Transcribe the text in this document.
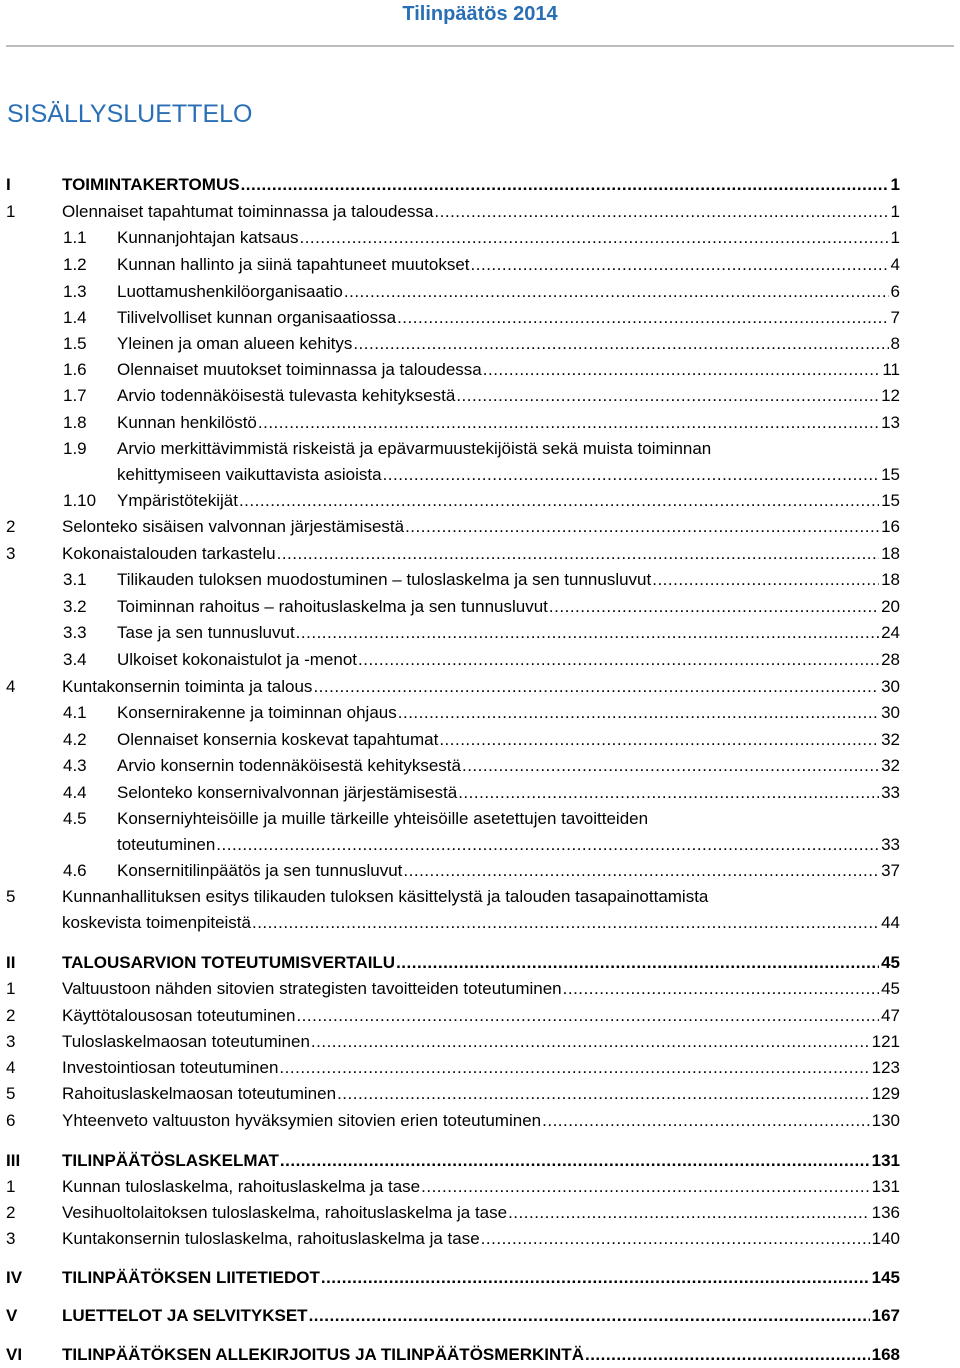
Tilinpäätös 2014
SISÄLLYSLUETTELO
I	TOIMINTAKERTOMUS .....	1
1	Olennaiset tapahtumat toiminnassa ja taloudessa .....	1
1.1 Kunnanjohtajan katsaus .....	1
1.2 Kunnan hallinto ja siinä tapahtuneet muutokset .....	4
1.3 Luottamushenkilöorganisaatio .....	6
1.4 Tilivelvolliset kunnan organisaatiossa .....	7
1.5 Yleinen ja oman alueen kehitys .....	8
1.6 Olennaiset muutokset toiminnassa ja taloudessa .....	11
1.7 Arvio todennäköisestä tulevasta kehityksestä .....	12
1.8 Kunnan henkilöstö .....	13
1.9 Arvio merkittävimmistä riskeistä ja epävarmuustekijöistä sekä muista toiminnan
kehittymiseen vaikuttavista asioista .....	15
1.10 Ympäristötekijät .....	15
2	Selonteko sisäisen valvonnan järjestämisestä .....	16
3	Kokonaistalouden tarkastelu .....	18
3.1 Tilikauden tuloksen muodostuminen – tuloslaskelma ja sen tunnusluvut .....	18
3.2 Toiminnan rahoitus – rahoituslaskelma ja sen tunnusluvut .....	20
3.3 Tase ja sen tunnusluvut .....	24
3.4 Ulkoiset kokonaistulot ja -menot .....	28
4	Kuntakonsernin toiminta ja talous .....	30
4.1 Konsernirakenne ja toiminnan ohjaus .....	30
4.2 Olennaiset konsernia koskevat tapahtumat .....	32
4.3 Arvio konsernin todennäköisestä kehityksestä .....	32
4.4 Selonteko konsernivalvonnan järjestämisestä .....	33
4.5 Konserniyhteisöille ja muille tärkeille yhteisöille asetettujen tavoitteiden
toteutuminen .....	33
4.6 Konsernitilinpäätös ja sen tunnusluvut .....	37
5	Kunnanhallituksen esitys tilikauden tuloksen käsittelystä ja talouden tasapainottamista
koskevista toimenpiteistä .....	44
II	TALOUSARVION TOTEUTUMISVERTAILU .....	45
1	Valtuustoon nähden sitovien strategisten tavoitteiden toteutuminen .....	45
2	Käyttötalousosan toteutuminen .....	47
3	Tuloslaskelmaosan toteutuminen .....	121
4	Investointiosan toteutuminen .....	123
5	Rahoituslaskelmaosan toteutuminen .....	129
6	Yhteenveto valtuuston hyväksymien sitovien erien toteutuminen .....	130
III TILINPÄÄTÖSLASKELMAT .....	131
1	Kunnan tuloslaskelma, rahoituslaskelma ja tase .....	131
2	Vesihuoltolaitoksen tuloslaskelma, rahoituslaskelma ja tase .....	136
3	Kuntakonsernin tuloslaskelma, rahoituslaskelma ja tase .....	140
IV TILINPÄÄTÖKSEN LIITETIEDOT .....	145
V	LUETTELOT JA SELVITYKSET .....	167
VI TILINPÄÄTÖKSEN ALLEKIRJOITUS JA TILINPÄÄTÖSMERKINTÄ .....	168
